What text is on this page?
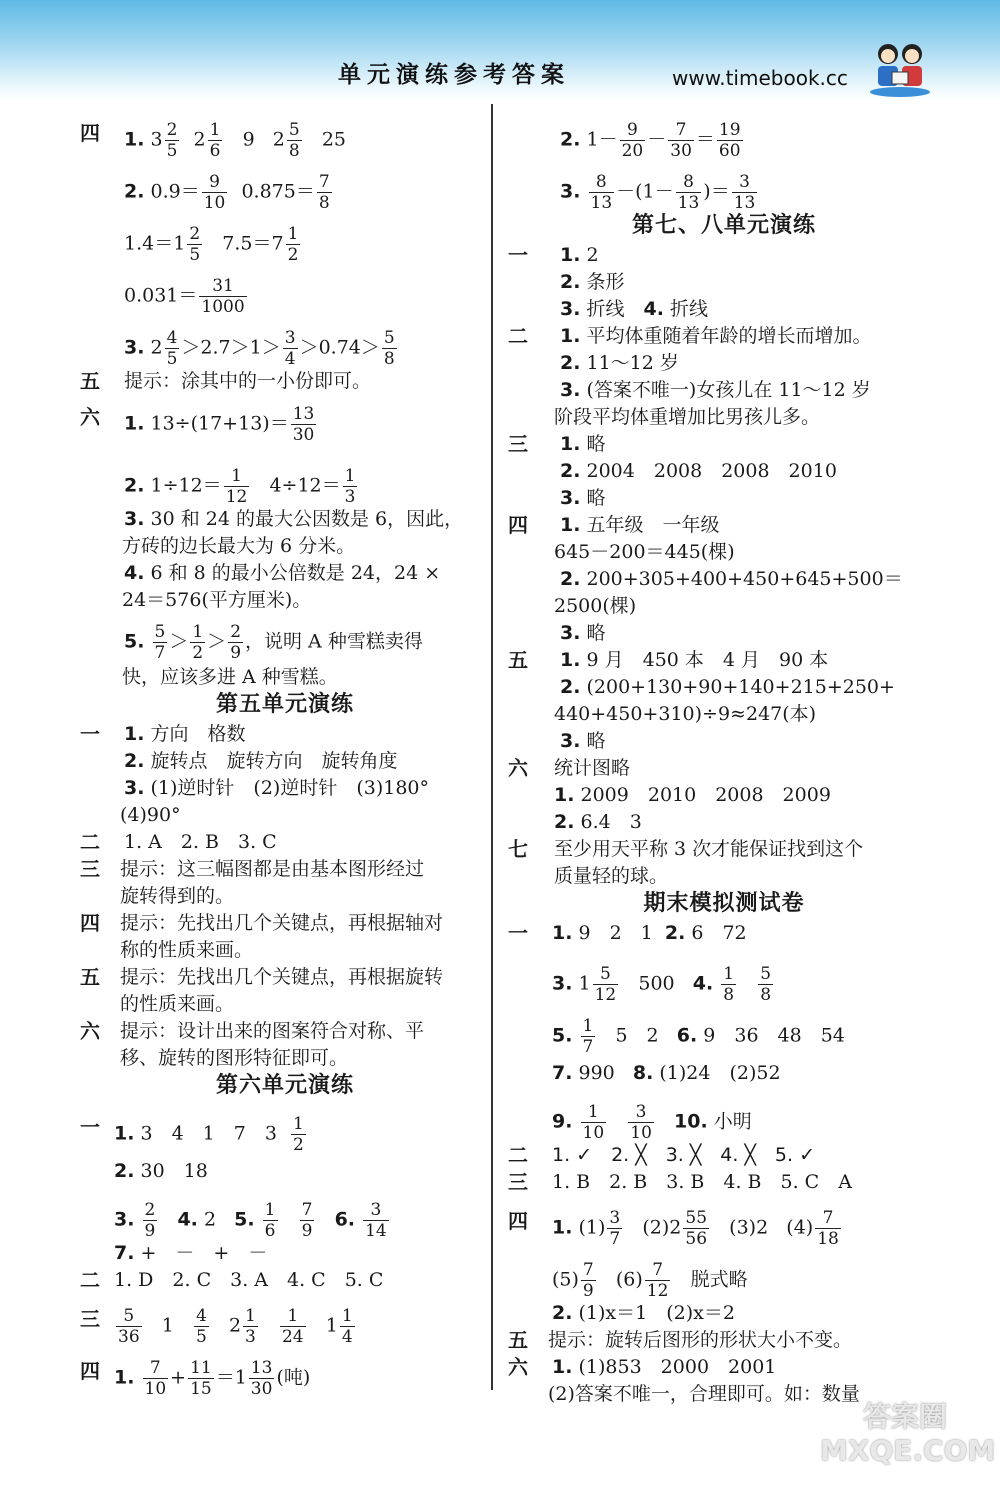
单元演练参考答案	www.timebook.cc
四 1. $3 \frac{2}{5} 2 \frac{1}{6} 9$ $2 \frac{5}{8} 25$
2. $0.9= \frac{9}{10} 0.875= \frac{7}{8}$
$1.4=1 \frac{2}{5} 7.5=7 \frac{1}{2}$
$0.031= \frac{31}{1000}$
3. $2 \frac{4}{5} >2.7>1> \frac{3}{4} >0.74> \frac{5}{8}$
五 提示：涂其中的一小份即可。
六 1. $13\div(17+13)= \frac{13}{30}$
2. $1\div 12= \frac{1}{12} 4\div 12= \frac{1}{3}$
3. 30 和 24 的最大公因数是 6，因此，
方砖的边长最大为 6 分米。
4. 6 和 8 的最小公倍数是 24，24 ×
24＝576(平方厘米)。
5. $\frac{5}{7} > \frac{1}{2} > \frac{2}{9}$ ，说明 A 种雪糕卖得
快，应该多进 A 种雪糕。
第五单元演练
一 1. 方向　格数
2. 旋转点　旋转方向　旋转角度
3. (1)逆时针　(2)逆时针　(3)180°
(4)90°
二 1. A　2. B　3. C
三 提示：这三幅图都是由基本图形经过
旋转得到的。
四 提示：先找出几个关键点，再根据轴对
称的性质来画。
五 提示：先找出几个关键点，再根据旋转
的性质来画。
六 提示：设计出来的图案符合对称、平
移、旋转的图形特征即可。
第六单元演练
一 1. 3　4　1　7　$3 \frac{1}{2}$
2. 30　18
3. $\frac{2}{9} 4$. 2 5. $\frac{1}{6}$
$\frac{7}{9} 6$. $\frac{3}{14}$
7. +　－　+　－
二 1. D　2. C　3. A　4. C　5. C
三 $\frac{5}{36} 1 \frac{4}{5} 2 \frac{1}{3}$
$\frac{1}{24} 1 \frac{1}{4}$
四 1. $\frac{7}{10} + \frac{11}{15} =1 \frac{13}{30}$ (吨)
2. $1- \frac{9}{20} - \frac{7}{30} = \frac{19}{60}$
3. $\frac{8}{13} -(1- \frac{8}{13}$ )＝ $\frac{3}{13}$
第七、八单元演练
一 1. 2
2. 条形
3. 折线　4. 折线
二 1. 平均体重随着年龄的增长而增加。
2. 11～12 岁
3. (答案不唯一)女孩儿在 11～12 岁
阶段平均体重增加比男孩儿多。
三 1. 略
2. 2004　2008　2008　2010
3. 略
四 1. 五年级　一年级
645－200＝445(棵)
2. 200+305+400+450+645+500＝
2500(棵)
3. 略
五 1. 9 月　450 本　4 月　90 本
2. (200+130+90+140+215+250+
440+450+310)÷9≈247(本)
3. 略
六 统计图略
1. 2009　2010　2008　2009
2. 6.4　3
七 至少用天平称 3 次才能保证找到这个
质量轻的球。
期末模拟测试卷
一 1. 9　2　1 2. 6　72
3. $1 \frac{5}{12} 500$ 4. $\frac{1}{8}$
$\frac{5}{8}$
5. $\frac{1}{7} 5$　2 6. 9　36　48　54
7. 990 8. (1)24　(2)52
9. $\frac{1}{10}$
$\frac{3}{10} 10$. 小明
二 1. ✓　2. ╳　3. ╳　4. ╳　5. ✓
三 1. B　2. B　3. B　4. B　5. C　A
四 1. $(1) \frac{3}{7} (2)2 \frac{55}{56} (3)2$ $(4) \frac{7}{18}$
$(5) \frac{7}{9} (6) \frac{7}{12}$ 脱式略
2. (1)x＝1　(2)x＝2
五 提示：旋转后图形的形状大小不变。
六 1. (1)853　2000　2001
(2)答案不唯一，合理即可。如：数量
答案圈
MXQE.COM
